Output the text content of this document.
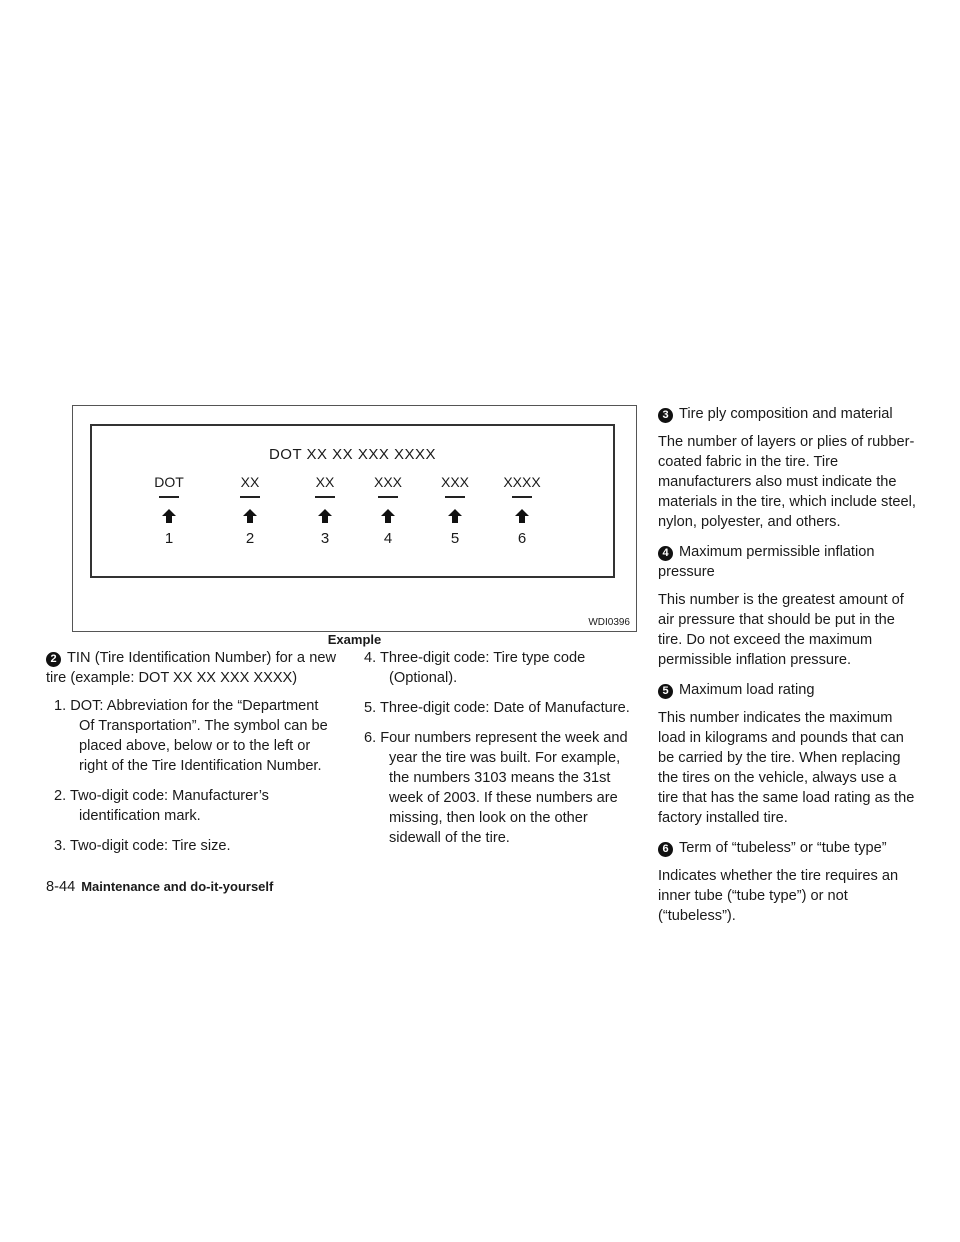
DOT XX XX XXX XXXX
DOT
1
XX
2
XX
3
XXX
4
XXX
5
XXXX
6
WDI0396
Example

2 TIN (Tire Identification Number) for a new tire (example: DOT XX XX XXX XXXX)

1. DOT: Abbreviation for the “Department Of Transportation”. The symbol can be placed above, below or to the left or right of the Tire Identification Number.

2. Two-digit code: Manufacturer’s identification mark.

3. Two-digit code: Tire size.

4. Three-digit code: Tire type code (Optional).

5. Three-digit code: Date of Manufacture.

6. Four numbers represent the week and year the tire was built. For example, the numbers 3103 means the 31st week of 2003. If these numbers are missing, then look on the other sidewall of the tire.

3 Tire ply composition and material

The number of layers or plies of rubber-coated fabric in the tire. Tire manufacturers also must indicate the materials in the tire, which include steel, nylon, polyester, and others.

4 Maximum permissible inflation pressure

This number is the greatest amount of air pressure that should be put in the tire. Do not exceed the maximum permissible inflation pressure.

5 Maximum load rating

This number indicates the maximum load in kilograms and pounds that can be carried by the tire. When replacing the tires on the vehicle, always use a tire that has the same load rating as the factory installed tire.

6 Term of “tubeless” or “tube type”

Indicates whether the tire requires an inner tube (“tube type”) or not (“tubeless”).

8-44 Maintenance and do-it-yourself
